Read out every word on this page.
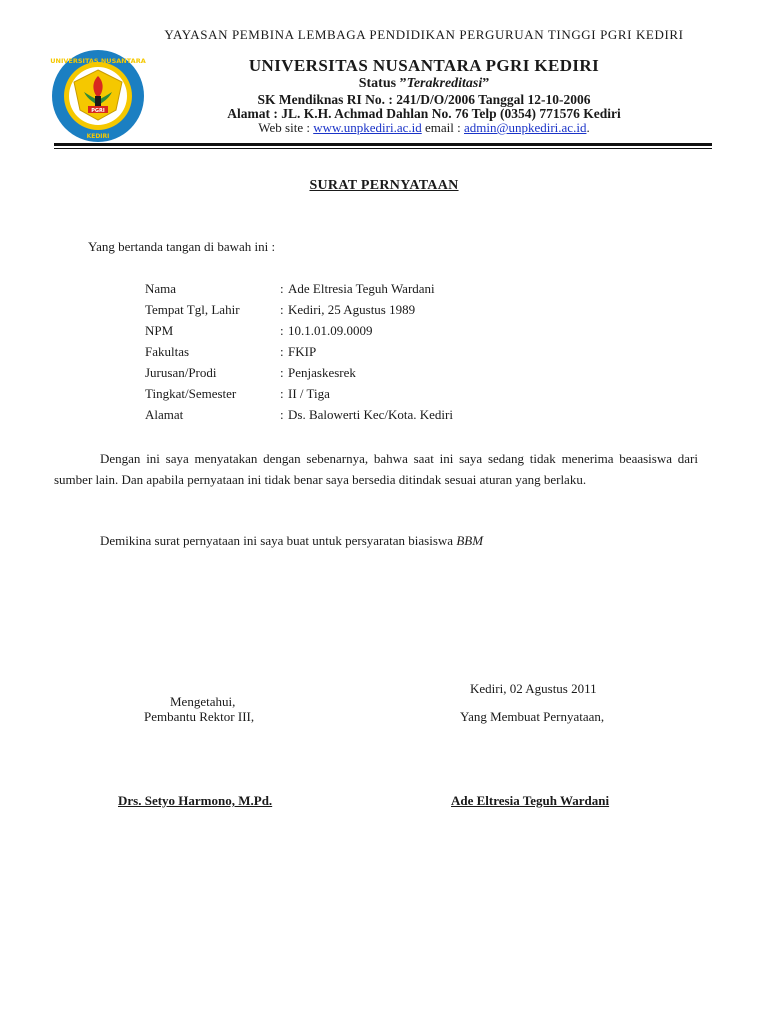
UNIVERSITAS NUSANTARA
PGRI
KEDIRI
YAYASAN PEMBINA LEMBAGA PENDIDIKAN PERGURUAN TINGGI PGRI KEDIRI
UNIVERSITAS NUSANTARA PGRI KEDIRI
Status ”Terakreditasi”
SK Mendiknas RI No. : 241/D/O/2006 Tanggal 12-10-2006
Alamat : JL. K.H. Achmad Dahlan No. 76 Telp (0354) 771576 Kediri
Web site : www.unpkediri.ac.id email : admin@unpkediri.ac.id.
SURAT PERNYATAAN
Yang bertanda tangan di bawah ini :
Nama	: Ade Eltresia Teguh Wardani
Tempat Tgl, Lahir	: Kediri, 25 Agustus 1989
NPM	: 10.1.01.09.0009
Fakultas	: FKIP
Jurusan/Prodi	: Penjaskesrek
Tingkat/Semester	: II / Tiga
Alamat	: Ds. Balowerti Kec/Kota. Kediri
Dengan ini saya menyatakan dengan sebenarnya, bahwa saat ini saya sedang tidak menerima beaasiswa dari sumber lain. Dan apabila pernyataan ini tidak benar saya bersedia ditindak sesuai aturan yang berlaku.
Demikina surat pernyataan ini saya buat untuk persyaratan biasiswa BBM
Kediri, 02 Agustus 2011
Mengetahui,
Pembantu Rektor III,	Yang Membuat Pernyataan,
Drs. Setyo Harmono, M.Pd.	Ade Eltresia Teguh Wardani
